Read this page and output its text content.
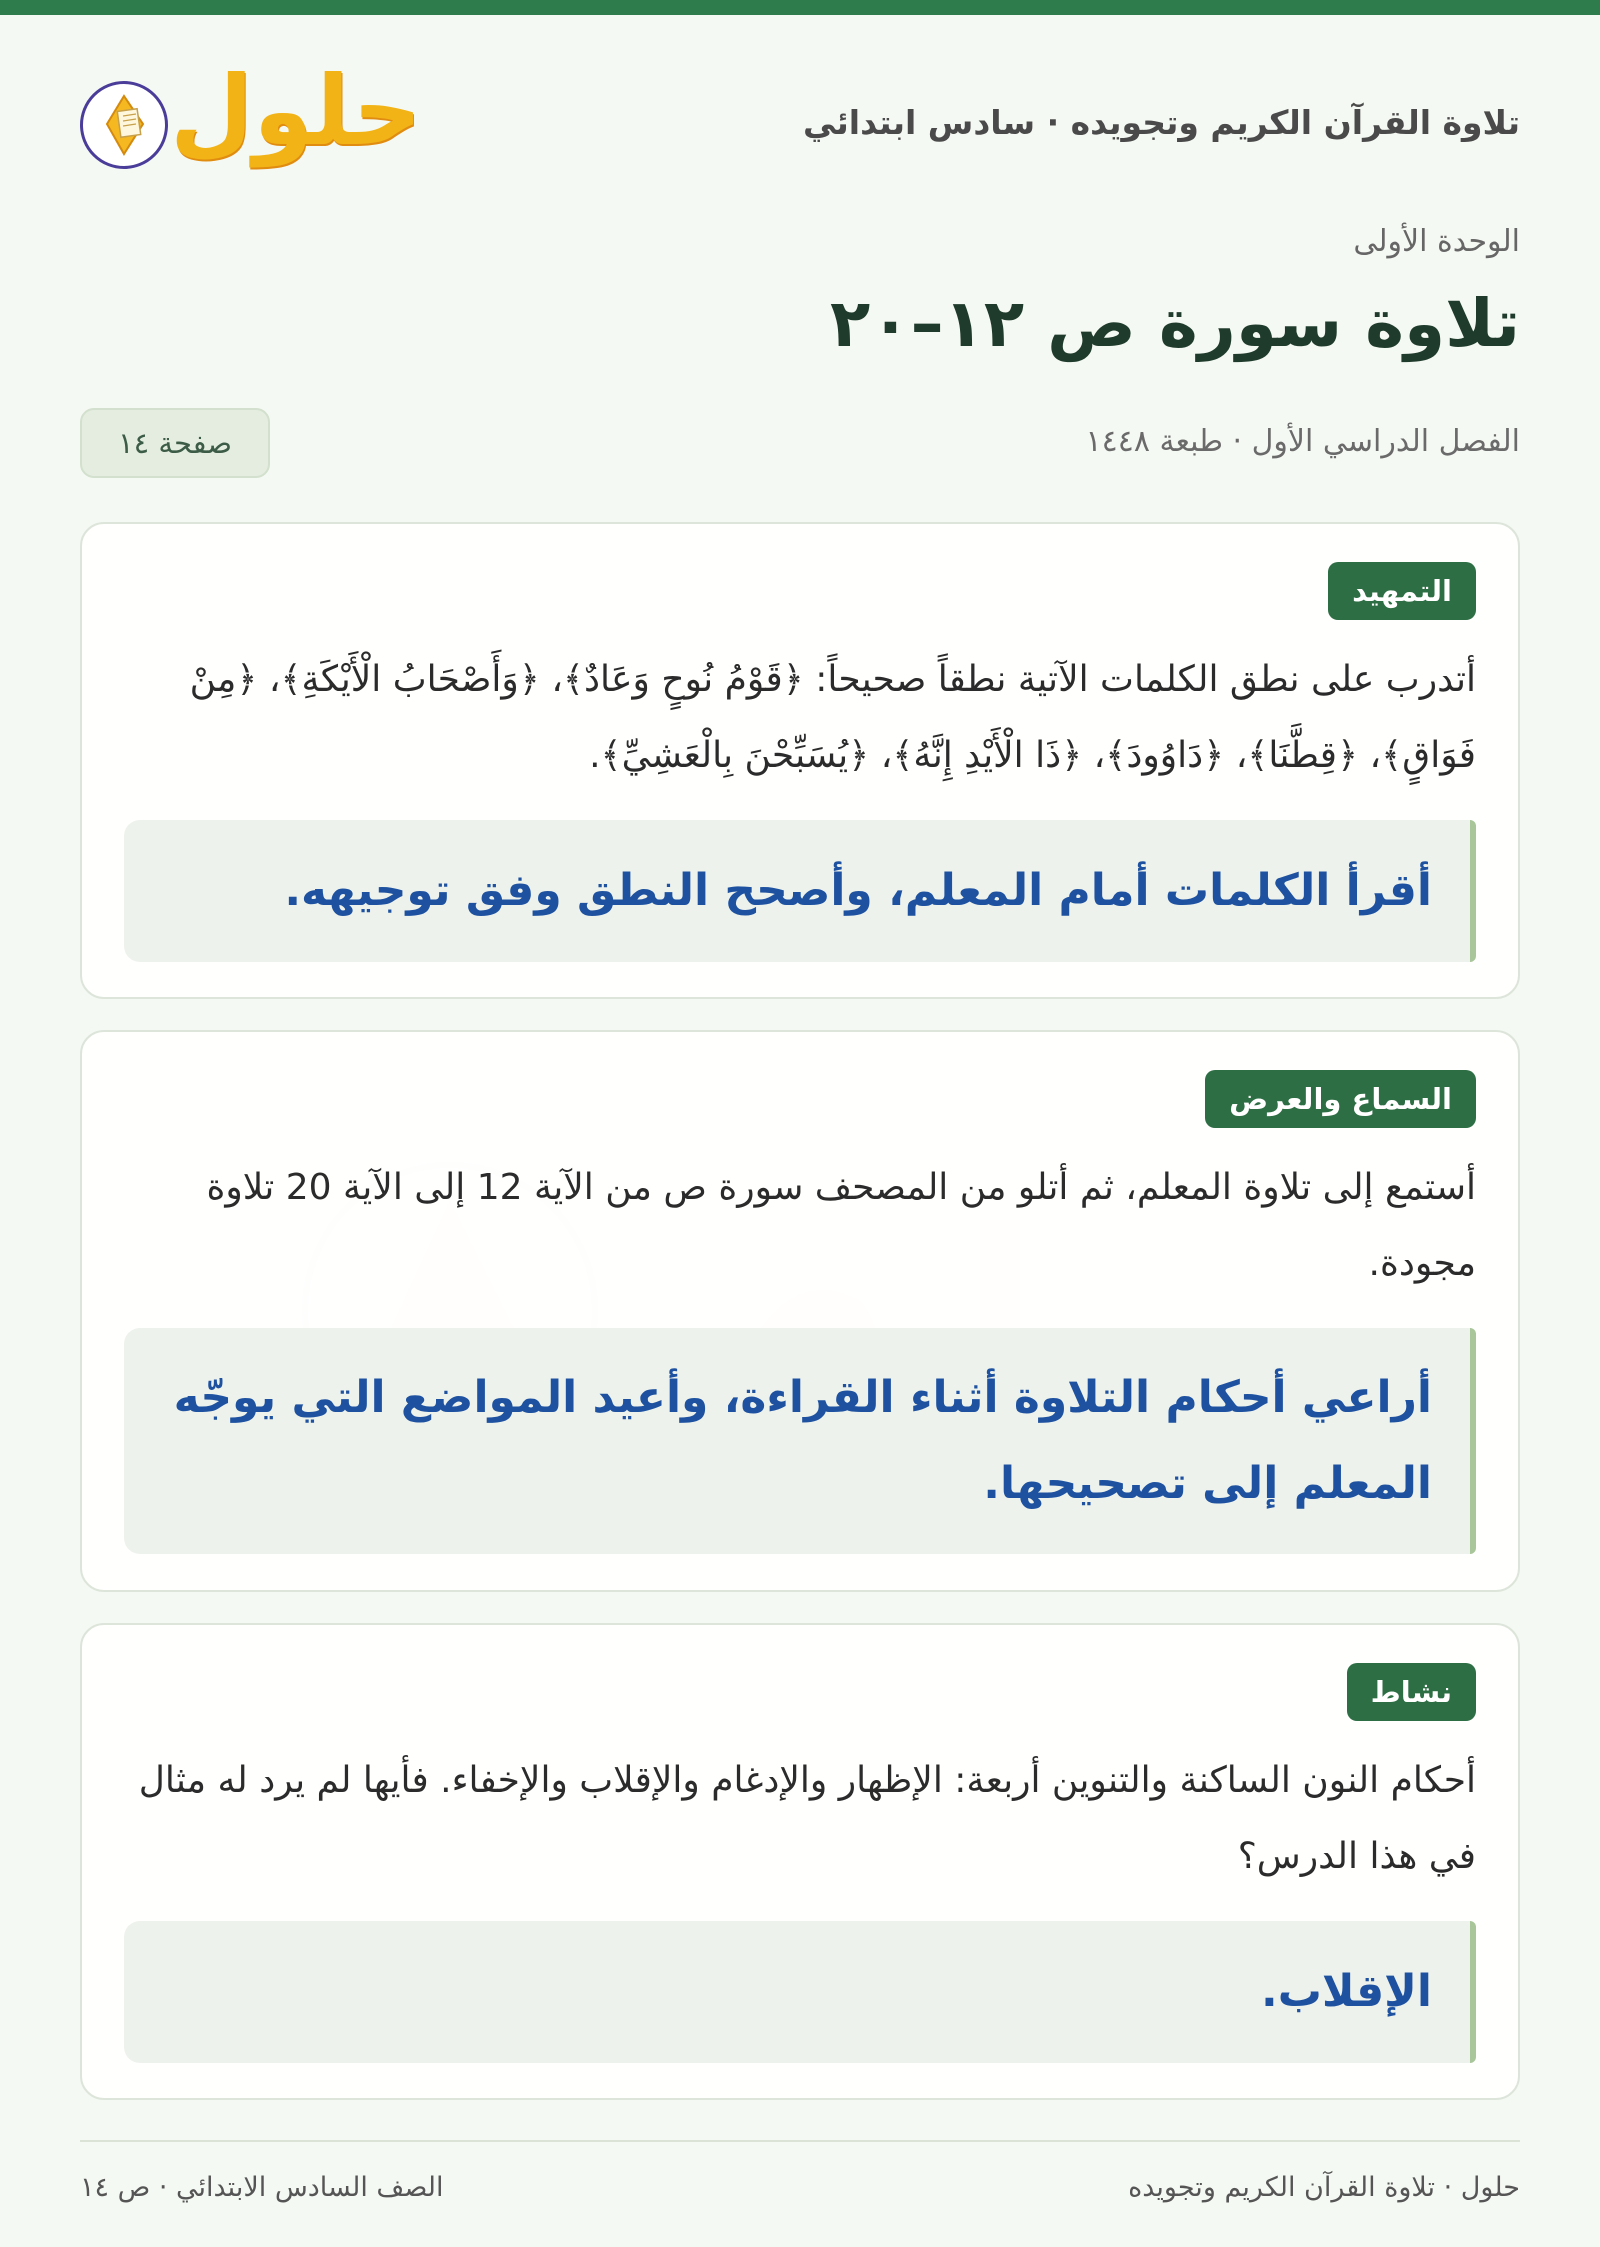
حلول	تلاوة القرآن الكريم وتجويده · سادس ابتدائي
الوحدة الأولى
تلاوة سورة ص ١٢–٢٠
الفصل الدراسي الأول · طبعة ١٤٤٨
صفحة ١٤
التمهيد
أتدرب على نطق الكلمات الآتية نطقاً صحيحاً: ﴿قَوْمُ نُوحٍ وَعَادٌ﴾، ﴿وَأَصْحَابُ الْأَيْكَةِ﴾، ﴿مِنْ فَوَاقٍ﴾، ﴿قِطَّنَا﴾، ﴿دَاوُودَ﴾، ﴿ذَا الْأَيْدِ إِنَّهُ﴾، ﴿يُسَبِّحْنَ بِالْعَشِيِّ﴾.
أقرأ الكلمات أمام المعلم، وأصحح النطق وفق توجيهه.
السماع والعرض
أستمع إلى تلاوة المعلم، ثم أتلو من المصحف سورة ص من الآية 12 إلى الآية 20 تلاوة مجودة.
أراعي أحكام التلاوة أثناء القراءة، وأعيد المواضع التي يوجّه المعلم إلى تصحيحها.
نشاط
أحكام النون الساكنة والتنوين أربعة: الإظهار والإدغام والإقلاب والإخفاء. فأيها لم يرد له مثال في هذا الدرس؟
الإقلاب.
حلول · تلاوة القرآن الكريم وتجويده
الصف السادس الابتدائي · ص ١٤
